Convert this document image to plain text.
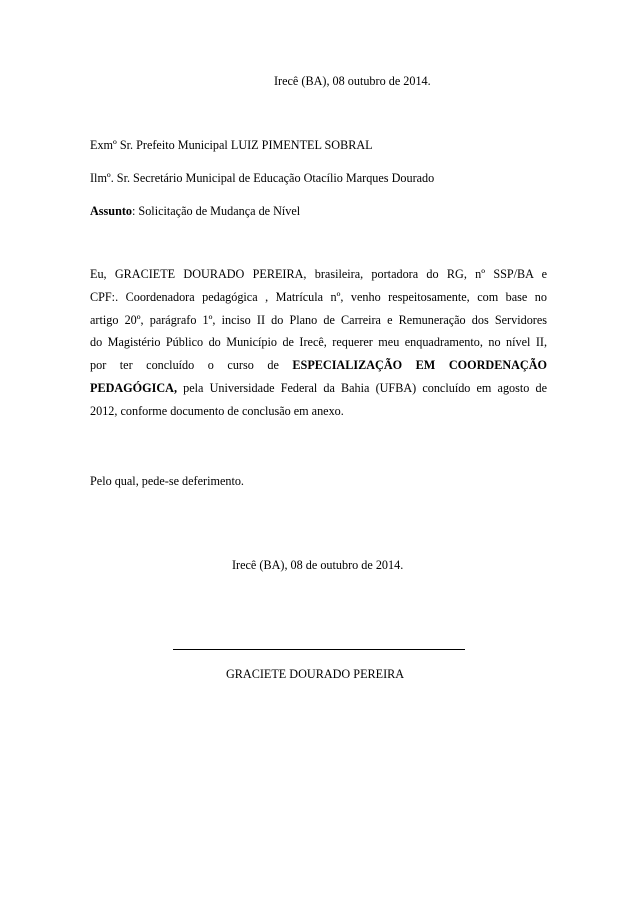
Irecê (BA), 08 outubro de 2014.
Exmº Sr. Prefeito Municipal LUIZ PIMENTEL SOBRAL
Ilmº. Sr. Secretário Municipal de Educação Otacílio Marques Dourado
Assunto: Solicitação de Mudança de Nível
Eu, GRACIETE DOURADO PEREIRA, brasileira, portadora do RG, nº SSP/BA e
CPF:. Coordenadora pedagógica , Matrícula nº, venho respeitosamente, com base no
artigo 20º, parágrafo 1º, inciso II do Plano de Carreira e Remuneração dos Servidores
do Magistério Público do Município de Irecê, requerer meu enquadramento, no nível II,
por ter concluído o curso de ESPECIALIZAÇÃO EM COORDENAÇÃO
PEDAGÓGICA, pela Universidade Federal da Bahia (UFBA) concluído em agosto de
2012, conforme documento de conclusão em anexo.
Pelo qual, pede-se deferimento.
Irecê (BA), 08 de outubro de 2014.
GRACIETE DOURADO PEREIRA
